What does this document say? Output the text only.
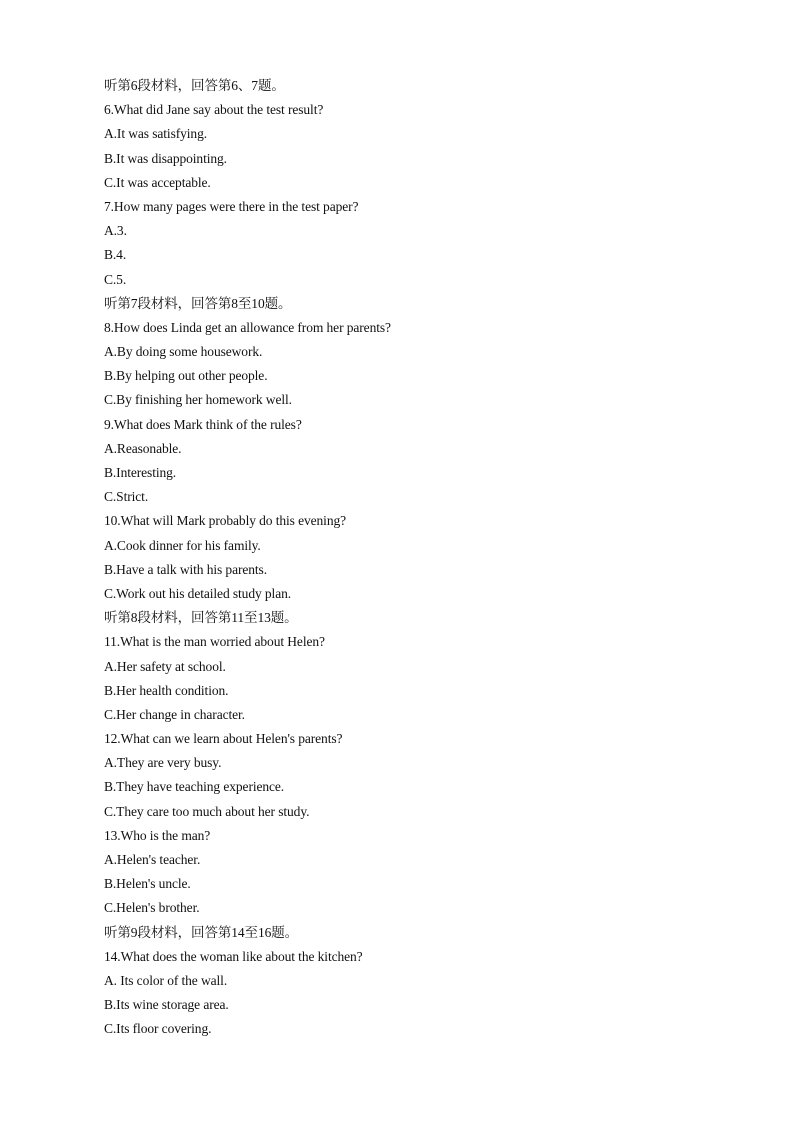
听第6段材料，回答第6、7题。
6.What did Jane say about the test result?
A.It was satisfying.
B.It was disappointing.
C.It was acceptable.
7.How many pages were there in the test paper?
A.3.
B.4.
C.5.
听第7段材料，回答第8至10题。
8.How does Linda get an allowance from her parents?
A.By doing some housework.
B.By helping out other people.
C.By finishing her homework well.
9.What does Mark think of the rules?
A.Reasonable.
B.Interesting.
C.Strict.
10.What will Mark probably do this evening?
A.Cook dinner for his family.
B.Have a talk with his parents.
C.Work out his detailed study plan.
听第8段材料，回答第11至13题。
11.What is the man worried about Helen?
A.Her safety at school.
B.Her health condition.
C.Her change in character.
12.What can we learn about Helen's parents?
A.They are very busy.
B.They have teaching experience.
C.They care too much about her study.
13.Who is the man?
A.Helen's teacher.
B.Helen's uncle.
C.Helen's brother.
听第9段材料，回答第14至16题。
14.What does the woman like about the kitchen?
A. Its color of the wall.
B.Its wine storage area.
C.Its floor covering.
